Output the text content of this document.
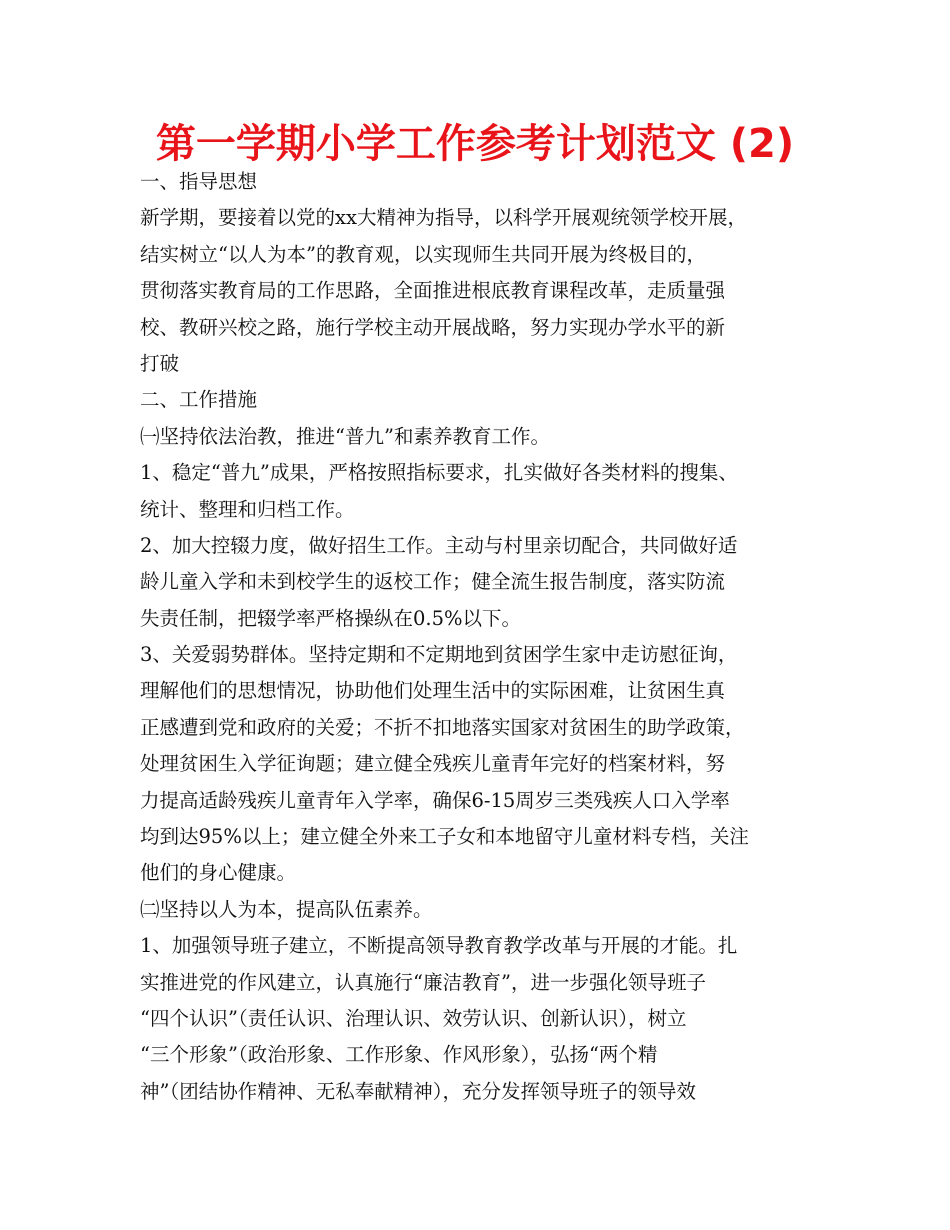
第一学期小学工作参考计划范文 (2)
一、指导思想
新学期，要接着以党的xx大精神为指导，以科学开展观统领学校开展，
结实树立“以人为本”的教育观，以实现师生共同开展为终极目的，
贯彻落实教育局的工作思路，全面推进根底教育课程改革，走质量强
校、教研兴校之路，施行学校主动开展战略，努力实现办学水平的新
打破
二、工作措施
㈠坚持依法治教，推进“普九”和素养教育工作。
1、稳定“普九”成果，严格按照指标要求，扎实做好各类材料的搜集、
统计、整理和归档工作。
2、加大控辍力度，做好招生工作。主动与村里亲切配合，共同做好适
龄儿童入学和未到校学生的返校工作；健全流生报告制度，落实防流
失责任制，把辍学率严格操纵在0.5%以下。
3、关爱弱势群体。坚持定期和不定期地到贫困学生家中走访慰征询，
理解他们的思想情况，协助他们处理生活中的实际困难，让贫困生真
正感遭到党和政府的关爱；不折不扣地落实国家对贫困生的助学政策，
处理贫困生入学征询题；建立健全残疾儿童青年完好的档案材料，努
力提高适龄残疾儿童青年入学率，确保6-15周岁三类残疾人口入学率
均到达95%以上；建立健全外来工子女和本地留守儿童材料专档，关注
他们的身心健康。
㈡坚持以人为本，提高队伍素养。
1、加强领导班子建立，不断提高领导教育教学改革与开展的才能。扎
实推进党的作风建立，认真施行“廉洁教育”，进一步强化领导班子
“四个认识”（责任认识、治理认识、效劳认识、创新认识），树立
“三个形象”（政治形象、工作形象、作风形象），弘扬“两个精
神”（团结协作精神、无私奉献精神），充分发挥领导班子的领导效
